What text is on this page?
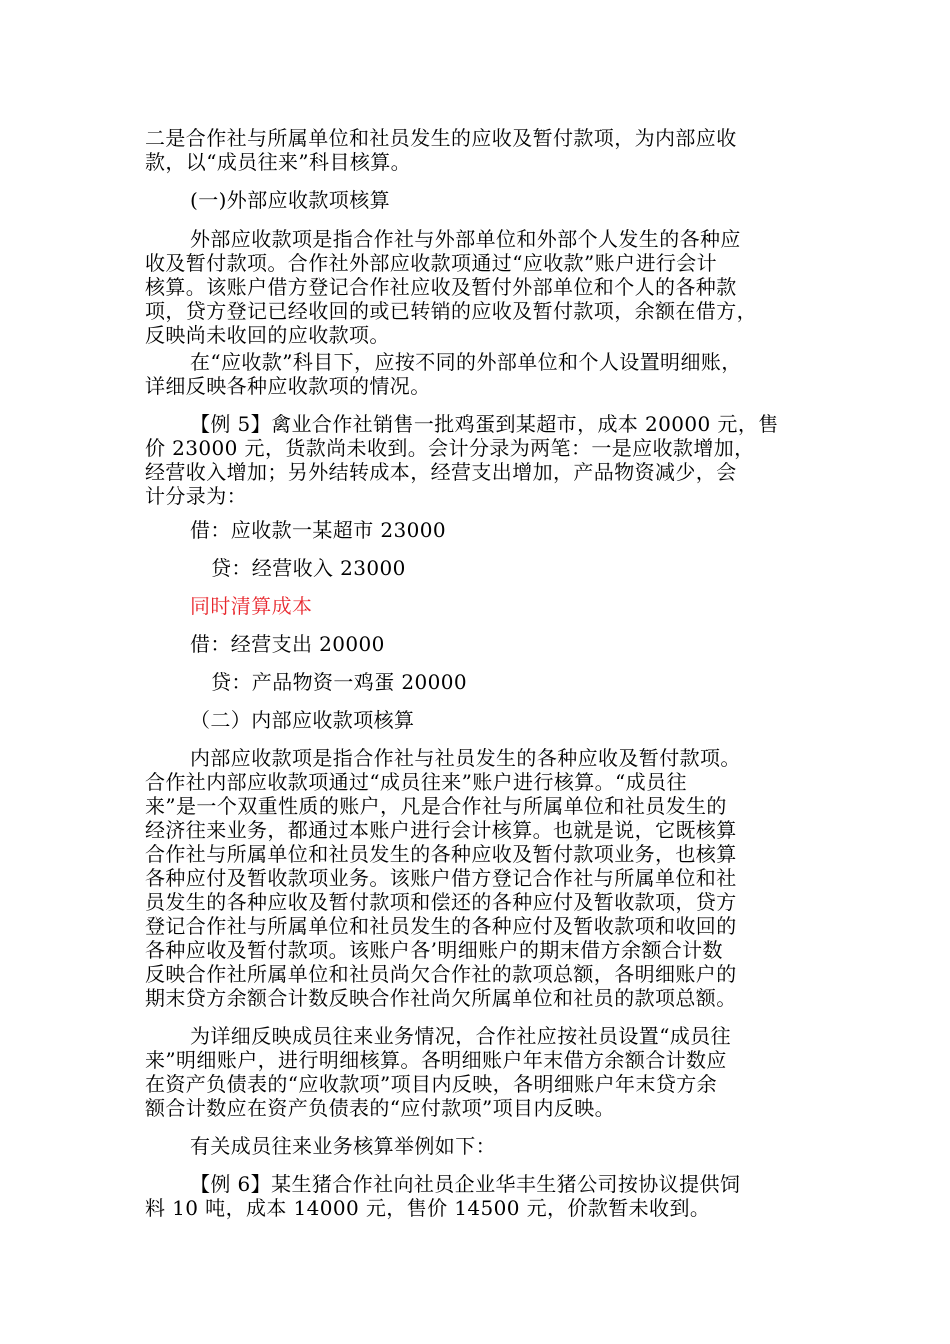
二是合作社与所属单位和社员发生的应收及暂付款项，为内部应收
款，以“成员往来”科目核算。
(一)外部应收款项核算
外部应收款项是指合作社与外部单位和外部个人发生的各种应
收及暂付款项。合作社外部应收款项通过“应收款”账户进行会计
核算。该账户借方登记合作社应收及暂付外部单位和个人的各种款
项，贷方登记已经收回的或已转销的应收及暂付款项，余额在借方，
反映尚未收回的应收款项。
在“应收款”科目下，应按不同的外部单位和个人设置明细账，
详细反映各种应收款项的情况。
【例 5】禽业合作社销售一批鸡蛋到某超市，成本 20000 元，售
价 23000 元，货款尚未收到。会计分录为两笔：一是应收款增加，
经营收入增加；另外结转成本，经营支出增加，产品物资减少，会
计分录为：
借：应收款一某超市 23000
贷：经营收入 23000
同时清算成本
借：经营支出 20000
贷：产品物资一鸡蛋 20000
（二）内部应收款项核算
内部应收款项是指合作社与社员发生的各种应收及暂付款项。
合作社内部应收款项通过“成员往来”账户进行核算。“成员往
来”是一个双重性质的账户，凡是合作社与所属单位和社员发生的
经济往来业务，都通过本账户进行会计核算。也就是说，它既核算
合作社与所属单位和社员发生的各种应收及暂付款项业务，也核算
各种应付及暂收款项业务。该账户借方登记合作社与所属单位和社
员发生的各种应收及暂付款项和偿还的各种应付及暂收款项，贷方
登记合作社与所属单位和社员发生的各种应付及暂收款项和收回的
各种应收及暂付款项。该账户各’明细账户的期末借方余额合计数
反映合作社所属单位和社员尚欠合作社的款项总额，各明细账户的
期末贷方余额合计数反映合作社尚欠所属单位和社员的款项总额。
为详细反映成员往来业务情况，合作社应按社员设置“成员往
来”明细账户，进行明细核算。各明细账户年末借方余额合计数应
在资产负债表的“应收款项”项目内反映，各明细账户年末贷方余
额合计数应在资产负债表的“应付款项”项目内反映。
有关成员往来业务核算举例如下：
【例 6】某生猪合作社向社员企业华丰生猪公司按协议提供饲
料 10 吨，成本 14000 元，售价 14500 元，价款暂未收到。
